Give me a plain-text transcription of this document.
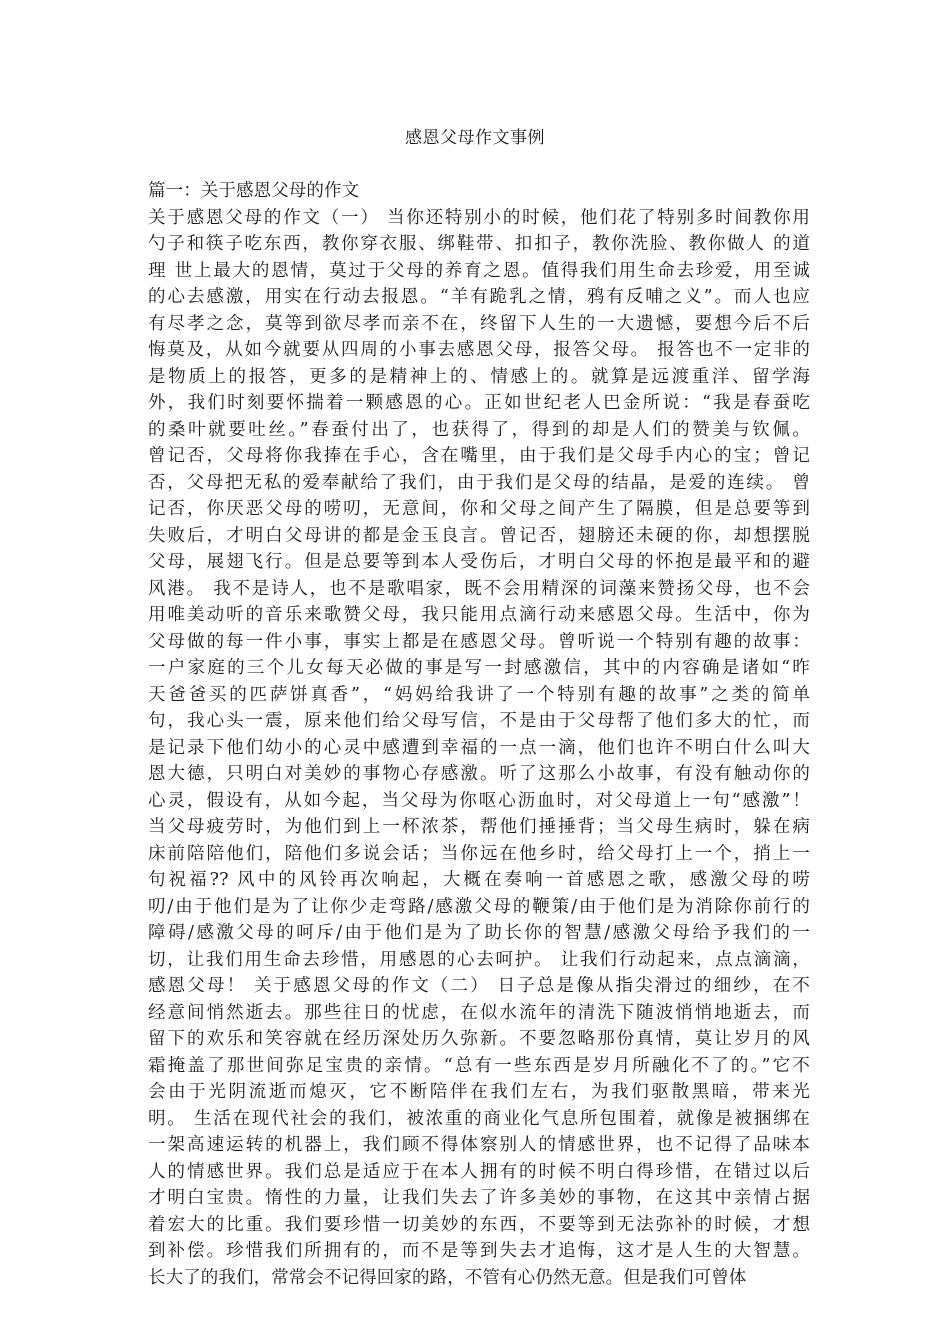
感恩父母作文事例
篇一：关于感恩父母的作文
关于感恩父母的作文（一） 当你还特别小的时候，他们花了特别多时间教你用
勺子和筷子吃东西，教你穿衣服、绑鞋带、扣扣子，教你洗脸、教你做人 的道
理 世上最大的恩情，莫过于父母的养育之恩。值得我们用生命去珍爱，用至诚
的心去感激，用实在行动去报恩。“羊有跪乳之情，鸦有反哺之义”。而人也应
有尽孝之念，莫等到欲尽孝而亲不在，终留下人生的一大遗憾，要想今后不后
悔莫及，从如今就要从四周的小事去感恩父母，报答父母。 报答也不一定非的
是物质上的报答，更多的是精神上的、情感上的。就算是远渡重洋、留学海
外，我们时刻要怀揣着一颗感恩的心。正如世纪老人巴金所说：“我是春蚕吃
的桑叶就要吐丝。”春蚕付出了，也获得了，得到的却是人们的赞美与钦佩。
曾记否，父母将你我捧在手心，含在嘴里，由于我们是父母手内心的宝；曾记
否，父母把无私的爱奉献给了我们，由于我们是父母的结晶，是爱的连续。 曾
记否，你厌恶父母的唠叨，无意间，你和父母之间产生了隔膜，但是总要等到
失败后，才明白父母讲的都是金玉良言。曾记否，翅膀还未硬的你，却想摆脱
父母，展翅飞行。但是总要等到本人受伤后，才明白父母的怀抱是最平和的避
风港。 我不是诗人，也不是歌唱家，既不会用精深的词藻来赞扬父母，也不会
用唯美动听的音乐来歌赞父母，我只能用点滴行动来感恩父母。生活中，你为
父母做的每一件小事，事实上都是在感恩父母。曾听说一个特别有趣的故事：
一户家庭的三个儿女每天必做的事是写一封感激信，其中的内容确是诸如“昨
天爸爸买的匹萨饼真香”，“妈妈给我讲了一个特别有趣的故事”之类的简单
句，我心头一震，原来他们给父母写信，不是由于父母帮了他们多大的忙，而
是记录下他们幼小的心灵中感遭到幸福的一点一滴，他们也许不明白什么叫大
恩大德，只明白对美妙的事物心存感激。听了这那么小故事，有没有触动你的
心灵，假设有，从如今起，当父母为你呕心沥血时，对父母道上一句“感激”！
当父母疲劳时，为他们到上一杯浓茶，帮他们捶捶背；当父母生病时，躲在病
床前陪陪他们，陪他们多说会话；当你远在他乡时，给父母打上一个，捎上一
句祝福?? 风中的风铃再次响起，大概在奏响一首感恩之歌，感激父母的唠
叨/由于他们是为了让你少走弯路/感激父母的鞭策/由于他们是为消除你前行的
障碍/感激父母的呵斥/由于他们是为了助长你的智慧/感激父母给予我们的一
切，让我们用生命去珍惜，用感恩的心去呵护。 让我们行动起来，点点滴滴，
感恩父母！ 关于感恩父母的作文（二） 日子总是像从指尖滑过的细纱，在不
经意间悄然逝去。那些往日的忧虑，在似水流年的清洗下随波悄悄地逝去，而
留下的欢乐和笑容就在经历深处历久弥新。不要忽略那份真情，莫让岁月的风
霜掩盖了那世间弥足宝贵的亲情。“总有一些东西是岁月所融化不了的。”它不
会由于光阴流逝而熄灭，它不断陪伴在我们左右，为我们驱散黑暗，带来光
明。 生活在现代社会的我们，被浓重的商业化气息所包围着，就像是被捆绑在
一架高速运转的机器上，我们顾不得体察别人的情感世界，也不记得了品味本
人的情感世界。我们总是适应于在本人拥有的时候不明白得珍惜，在错过以后
才明白宝贵。惰性的力量，让我们失去了许多美妙的事物，在这其中亲情占据
着宏大的比重。我们要珍惜一切美妙的东西，不要等到无法弥补的时候，才想
到补偿。珍惜我们所拥有的，而不是等到失去才追悔，这才是人生的大智慧。
长大了的我们，常常会不记得回家的路，不管有心仍然无意。但是我们可曾体
